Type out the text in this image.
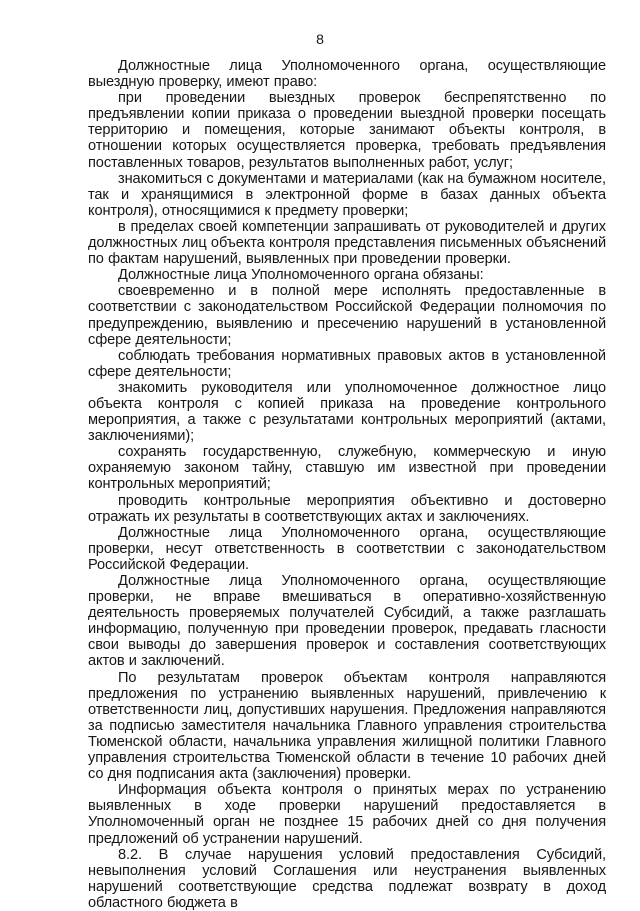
8

Должностные лица Уполномоченного органа, осуществляющие выездную проверку, имеют право:

при проведении выездных проверок беспрепятственно по предъявлении копии приказа о проведении выездной проверки посещать территорию и помещения, которые занимают объекты контроля, в отношении которых осуществляется проверка, требовать предъявления поставленных товаров, результатов выполненных работ, услуг;

знакомиться с документами и материалами (как на бумажном носителе, так и хранящимися в электронной форме в базах данных объекта контроля), относящимися к предмету проверки;

в пределах своей компетенции запрашивать от руководителей и других должностных лиц объекта контроля представления письменных объяснений по фактам нарушений, выявленных при проведении проверки.

Должностные лица Уполномоченного органа обязаны:

своевременно и в полной мере исполнять предоставленные в соответствии с законодательством Российской Федерации полномочия по предупреждению, выявлению и пресечению нарушений в установленной сфере деятельности;

соблюдать требования нормативных правовых актов в установленной сфере деятельности;

знакомить руководителя или уполномоченное должностное лицо объекта контроля с копией приказа на проведение контрольного мероприятия, а также с результатами контрольных мероприятий (актами, заключениями);

сохранять государственную, служебную, коммерческую и иную охраняемую законом тайну, ставшую им известной при проведении контрольных мероприятий;

проводить контрольные мероприятия объективно и достоверно отражать их результаты в соответствующих актах и заключениях.

Должностные лица Уполномоченного органа, осуществляющие проверки, несут ответственность в соответствии с законодательством Российской Федерации.

Должностные лица Уполномоченного органа, осуществляющие проверки, не вправе вмешиваться в оперативно-хозяйственную деятельность проверяемых получателей Субсидий, а также разглашать информацию, полученную при проведении проверок, предавать гласности свои выводы до завершения проверок и составления соответствующих актов и заключений.

По результатам проверок объектам контроля направляются предложения по устранению выявленных нарушений, привлечению к ответственности лиц, допустивших нарушения. Предложения направляются за подписью заместителя начальника Главного управления строительства Тюменской области, начальника управления жилищной политики Главного управления строительства Тюменской области в течение 10 рабочих дней со дня подписания акта (заключения) проверки.

Информация объекта контроля о принятых мерах по устранению выявленных в ходе проверки нарушений предоставляется в Уполномоченный орган не позднее 15 рабочих дней со дня получения предложений об устранении нарушений.

8.2. В случае нарушения условий предоставления Субсидий, невыполнения условий Соглашения или неустранения выявленных нарушений соответствующие средства подлежат возврату в доход областного бюджета в
